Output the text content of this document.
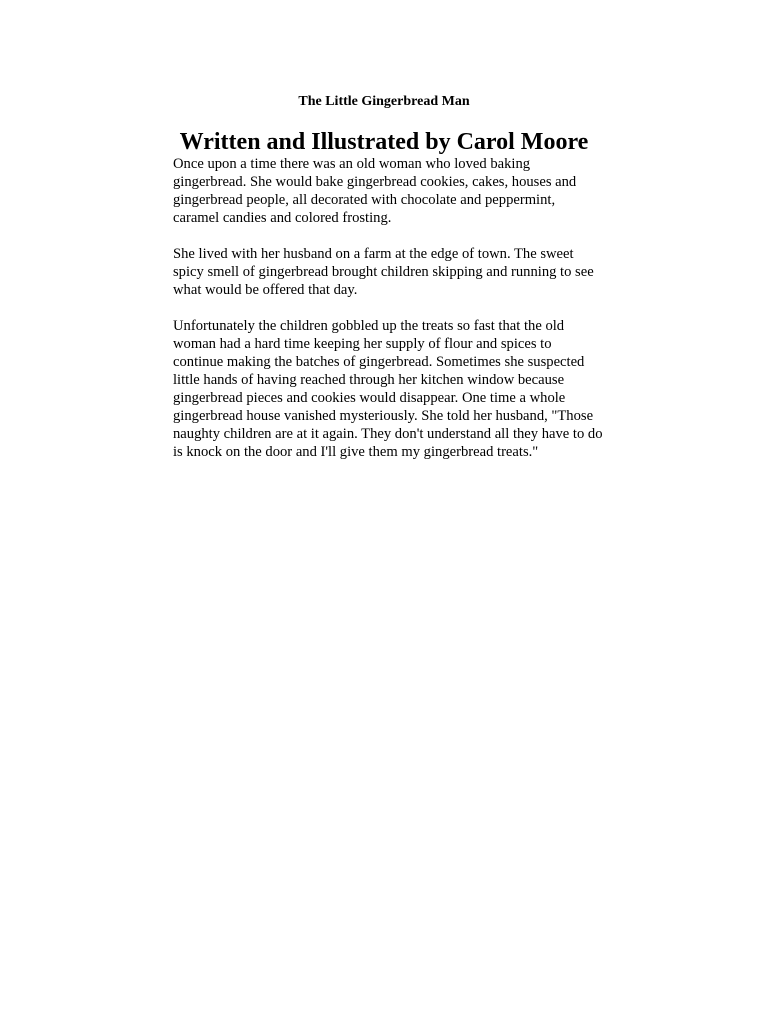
The Little Gingerbread Man
Written and Illustrated by Carol Moore

Once upon a time there was an old woman who loved baking gingerbread. She would bake gingerbread cookies, cakes, houses and gingerbread people, all decorated with chocolate and peppermint, caramel candies and colored frosting.

She lived with her husband on a farm at the edge of town. The sweet spicy smell of gingerbread brought children skipping and running to see what would be offered that day.

Unfortunately the children gobbled up the treats so fast that the old woman had a hard time keeping her supply of flour and spices to continue making the batches of gingerbread. Sometimes she suspected little hands of having reached through her kitchen window because gingerbread pieces and cookies would disappear. One time a whole gingerbread house vanished mysteriously. She told her husband, "Those naughty children are at it again. They don't understand all they have to do is knock on the door and I'll give them my gingerbread treats."
